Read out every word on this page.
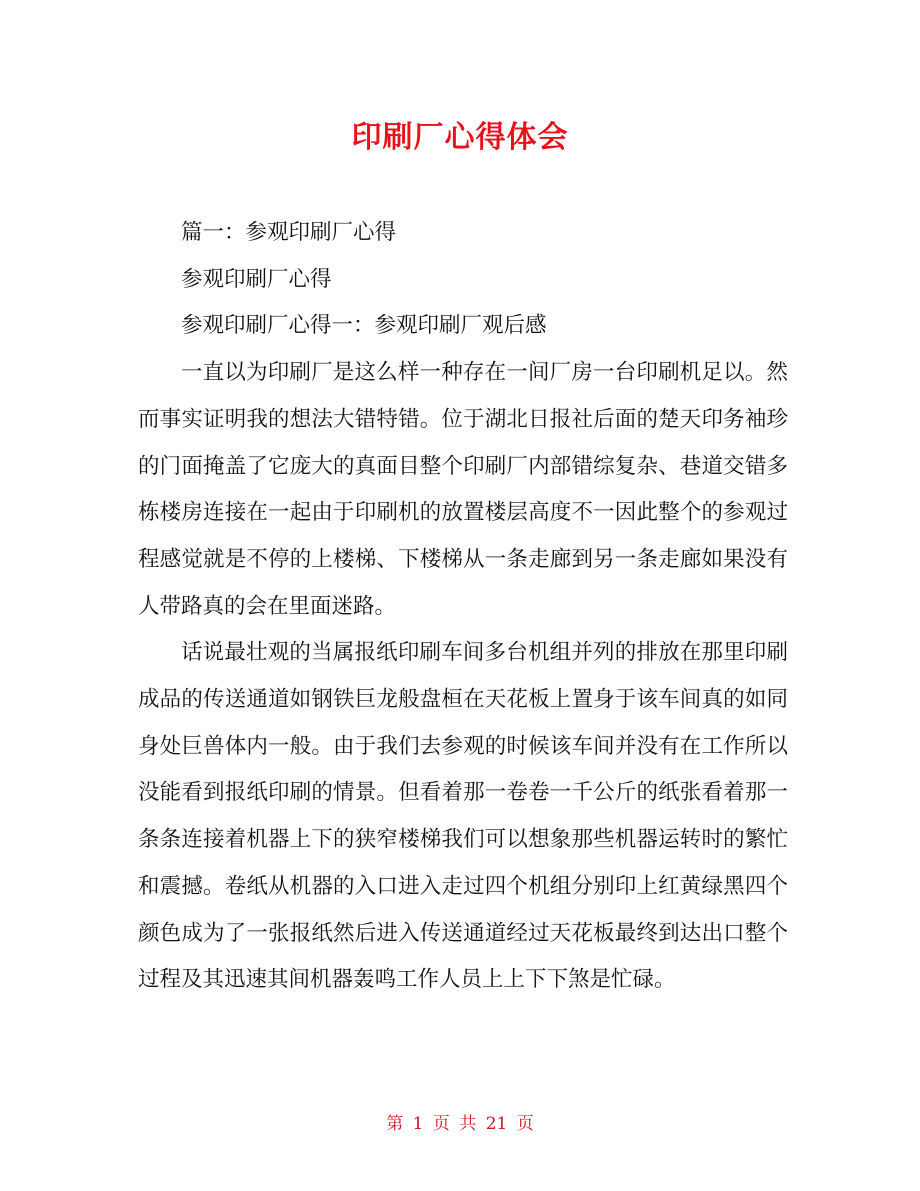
印刷厂心得体会

篇一：参观印刷厂心得

参观印刷厂心得

参观印刷厂心得一：参观印刷厂观后感

一直以为印刷厂是这么样一种存在一间厂房一台印刷机足以。然而事实证明我的想法大错特错。位于湖北日报社后面的楚天印务袖珍的门面掩盖了它庞大的真面目整个印刷厂内部错综复杂、巷道交错多栋楼房连接在一起由于印刷机的放置楼层高度不一因此整个的参观过程感觉就是不停的上楼梯、下楼梯从一条走廊到另一条走廊如果没有人带路真的会在里面迷路。

话说最壮观的当属报纸印刷车间多台机组并列的排放在那里印刷成品的传送通道如钢铁巨龙般盘桓在天花板上置身于该车间真的如同身处巨兽体内一般。由于我们去参观的时候该车间并没有在工作所以没能看到报纸印刷的情景。但看着那一卷卷一千公斤的纸张看着那一条条连接着机器上下的狭窄楼梯我们可以想象那些机器运转时的繁忙和震撼。卷纸从机器的入口进入走过四个机组分别印上红黄绿黑四个颜色成为了一张报纸然后进入传送通道经过天花板最终到达出口整个过程及其迅速其间机器轰鸣工作人员上上下下煞是忙碌。

第 1 页 共 21 页
